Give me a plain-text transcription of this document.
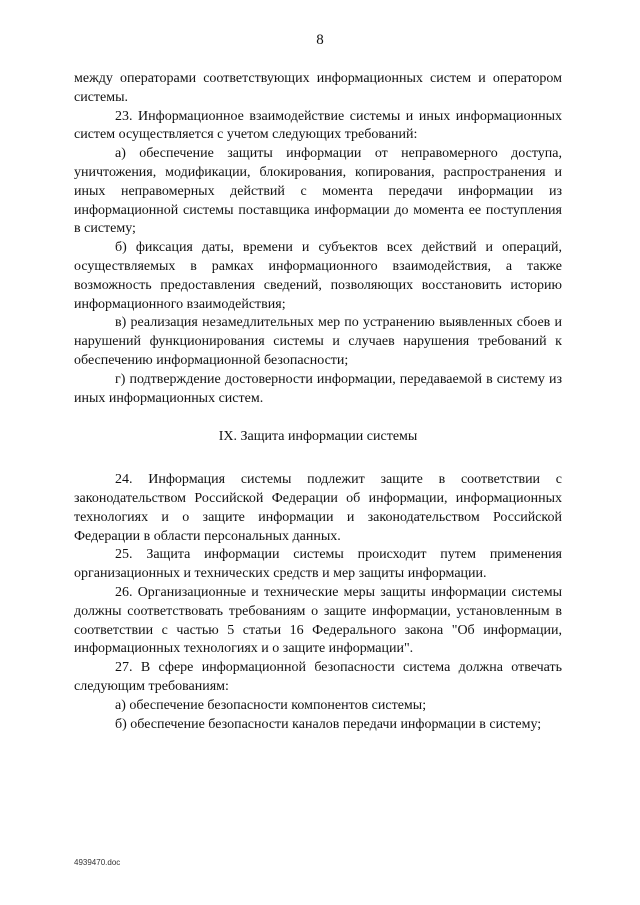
8

между операторами соответствующих информационных систем и оператором системы.

23. Информационное взаимодействие системы и иных информационных систем осуществляется с учетом следующих требований:

а) обеспечение защиты информации от неправомерного доступа, уничтожения, модификации, блокирования, копирования, распространения и иных неправомерных действий с момента передачи информации из информационной системы поставщика информации до момента ее поступления в систему;

б) фиксация даты, времени и субъектов всех действий и операций, осуществляемых в рамках информационного взаимодействия, а также возможность предоставления сведений, позволяющих восстановить историю информационного взаимодействия;

в) реализация незамедлительных мер по устранению выявленных сбоев и нарушений функционирования системы и случаев нарушения требований к обеспечению информационной безопасности;

г) подтверждение достоверности информации, передаваемой в систему из иных информационных систем.

IX. Защита информации системы

24. Информация системы подлежит защите в соответствии с законодательством Российской Федерации об информации, информационных технологиях и о защите информации и законодательством Российской Федерации в области персональных данных.

25. Защита информации системы происходит путем применения организационных и технических средств и мер защиты информации.

26. Организационные и технические меры защиты информации системы должны соответствовать требованиям о защите информации, установленным в соответствии с частью 5 статьи 16 Федерального закона "Об информации, информационных технологиях и о защите информации".

27. В сфере информационной безопасности система должна отвечать следующим требованиям:

а) обеспечение безопасности компонентов системы;

б) обеспечение безопасности каналов передачи информации в систему;

4939470.doc
